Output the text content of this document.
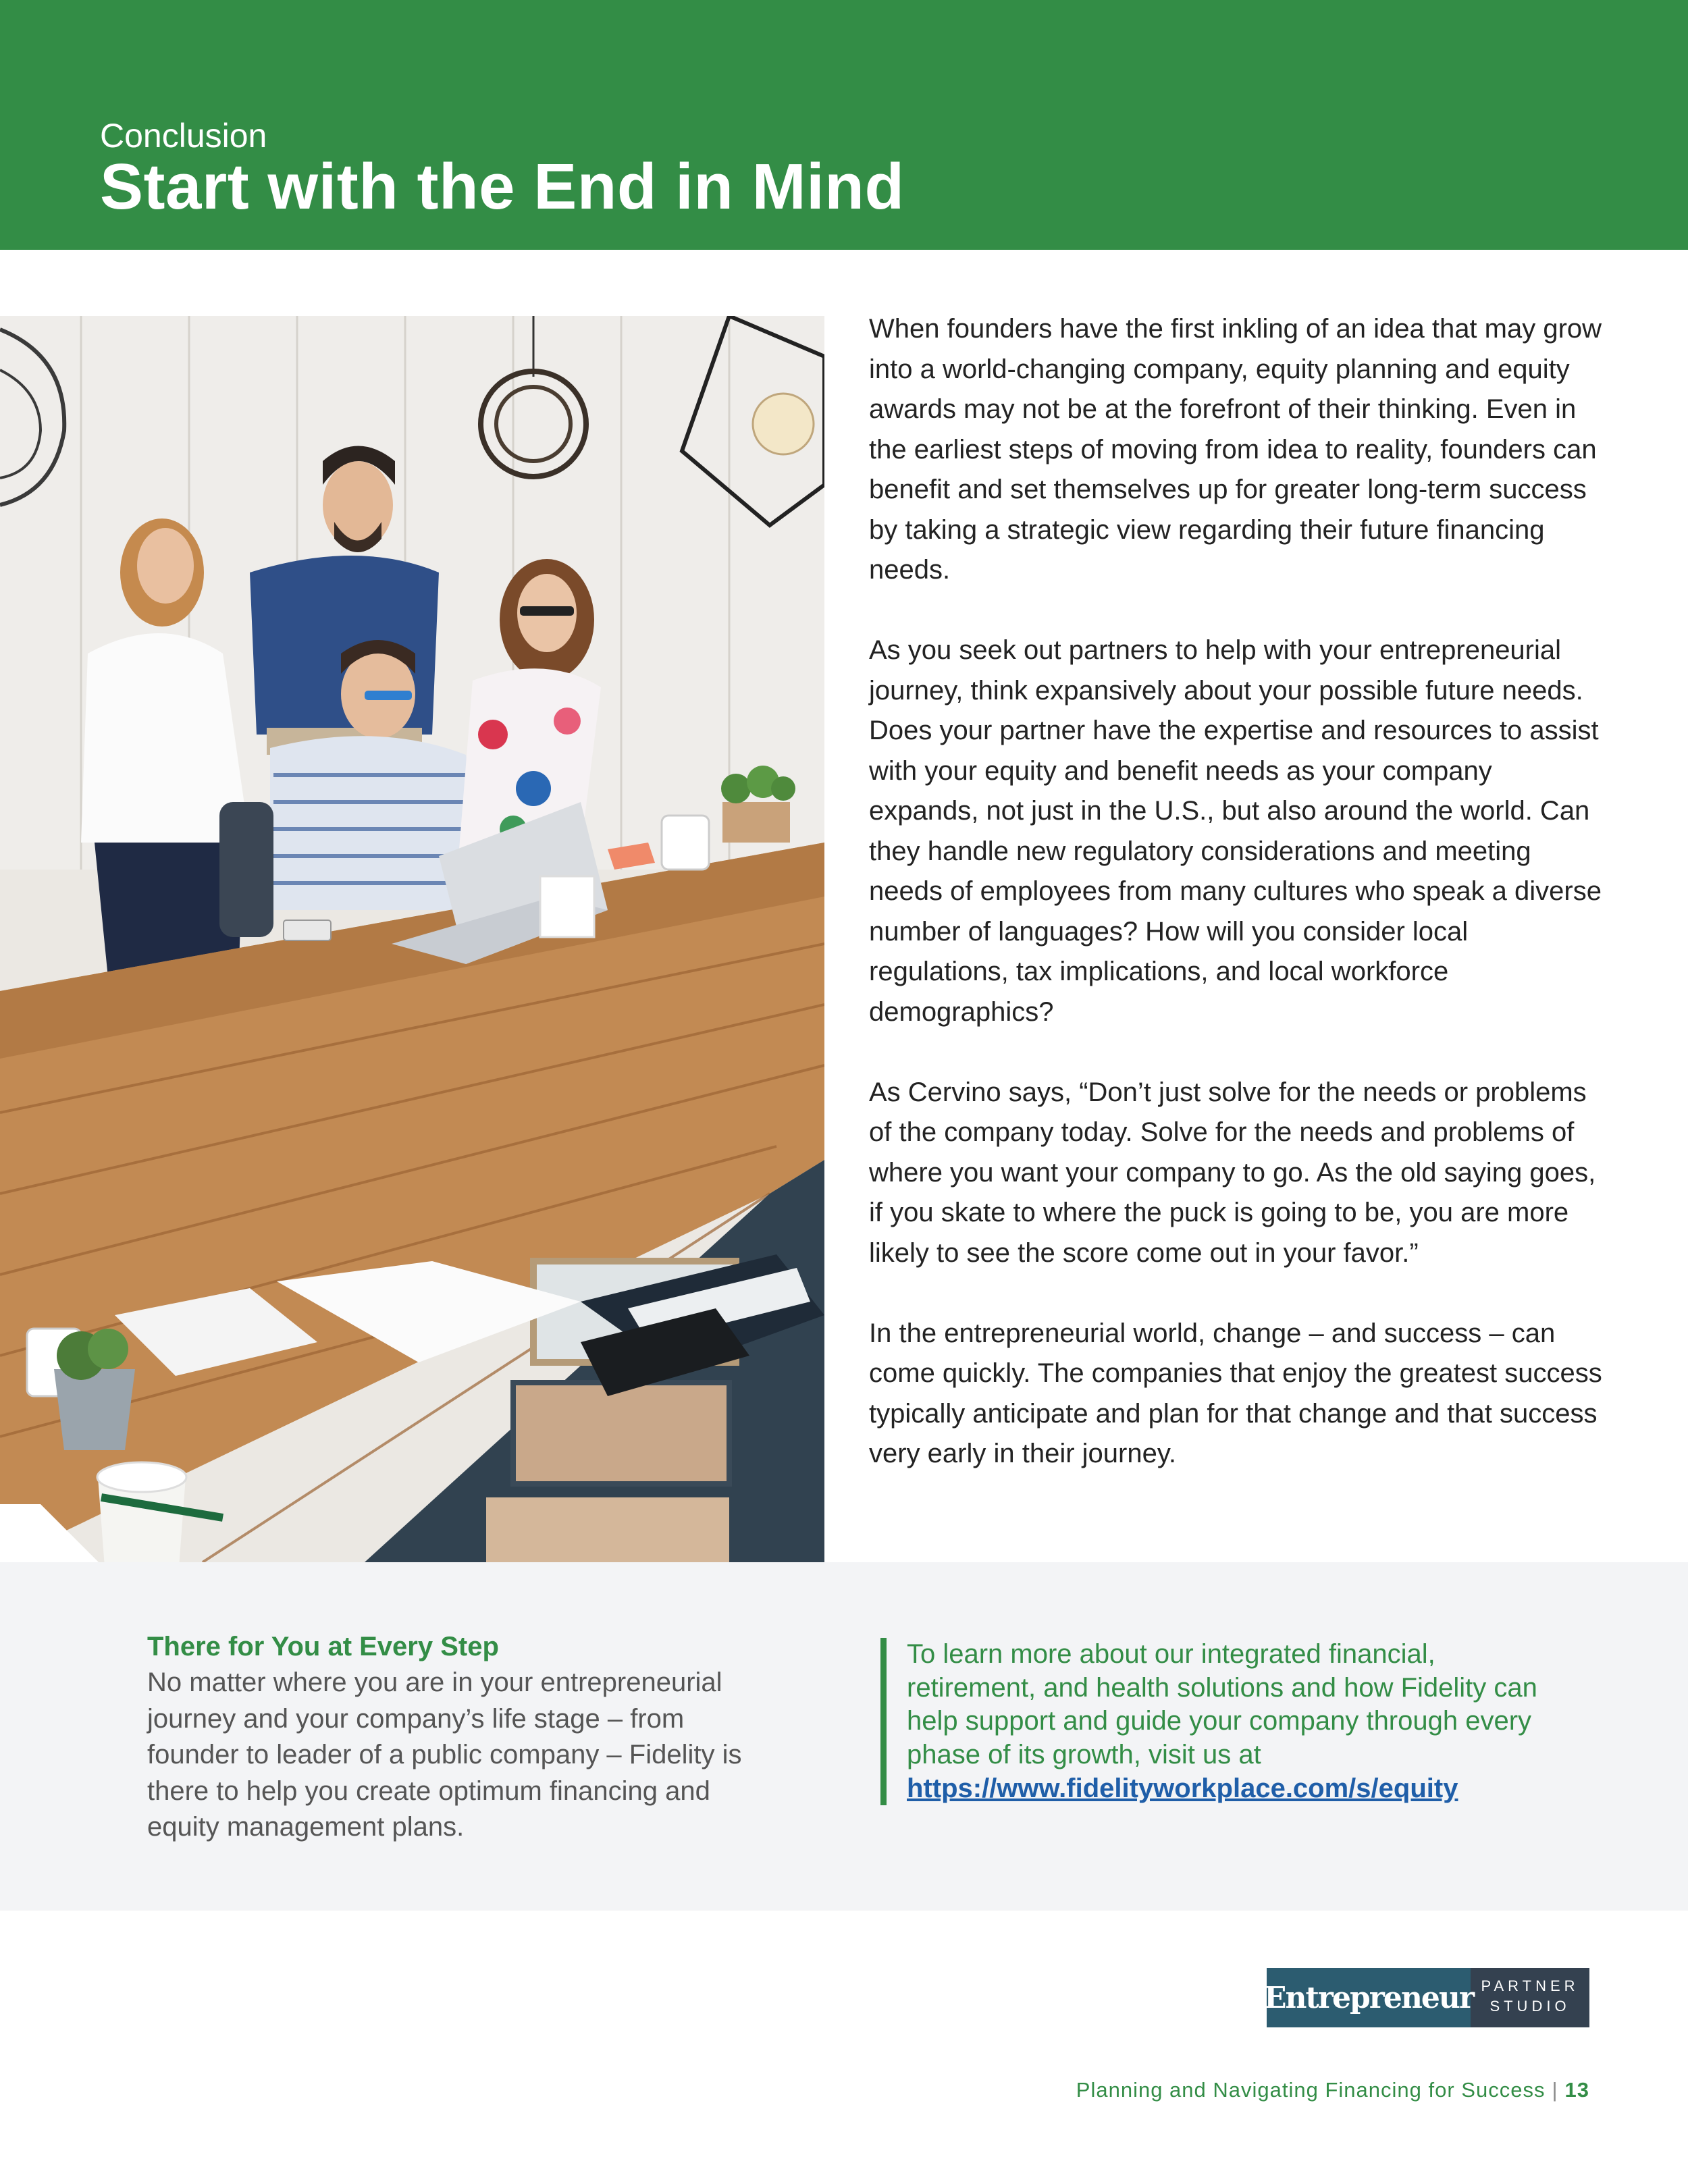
Conclusion
Start with the End in Mind

When founders have the first inkling of an idea that may grow into a world-changing company, equity planning and equity awards may not be at the forefront of their thinking. Even in the earliest steps of moving from idea to reality, founders can benefit and set themselves up for greater long-term success by taking a strategic view regarding their future financing needs.

As you seek out partners to help with your entrepreneurial journey, think expansively about your possible future needs. Does your partner have the expertise and resources to assist with your equity and benefit needs as your company expands, not just in the U.S., but also around the world. Can they handle new regulatory considerations and meeting needs of employees from many cultures who speak a diverse number of languages? How will you consider local regulations, tax implications, and local workforce demographics?

As Cervino says, “Don’t just solve for the needs or problems of the company today. Solve for the needs and problems of where you want your company to go. As the old saying goes, if you skate to where the puck is going to be, you are more likely to see the score come out in your favor.”

In the entrepreneurial world, change – and success – can come quickly. The companies that enjoy the greatest success typically anticipate and plan for that change and that success very early in their journey.

There for You at Every Step

No matter where you are in your entrepreneurial journey and your company’s life stage – from founder to leader of a public company – Fidelity is there to help you create optimum financing and equity management plans.

To learn more about our integrated financial, retirement, and health solutions and how Fidelity can help support and guide your company through every phase of its growth, visit us at

https://www.fidelityworkplace.com/s/equity
Entrepreneur PARTNER
STUDIO
Planning and Navigating Financing for Success | 13
